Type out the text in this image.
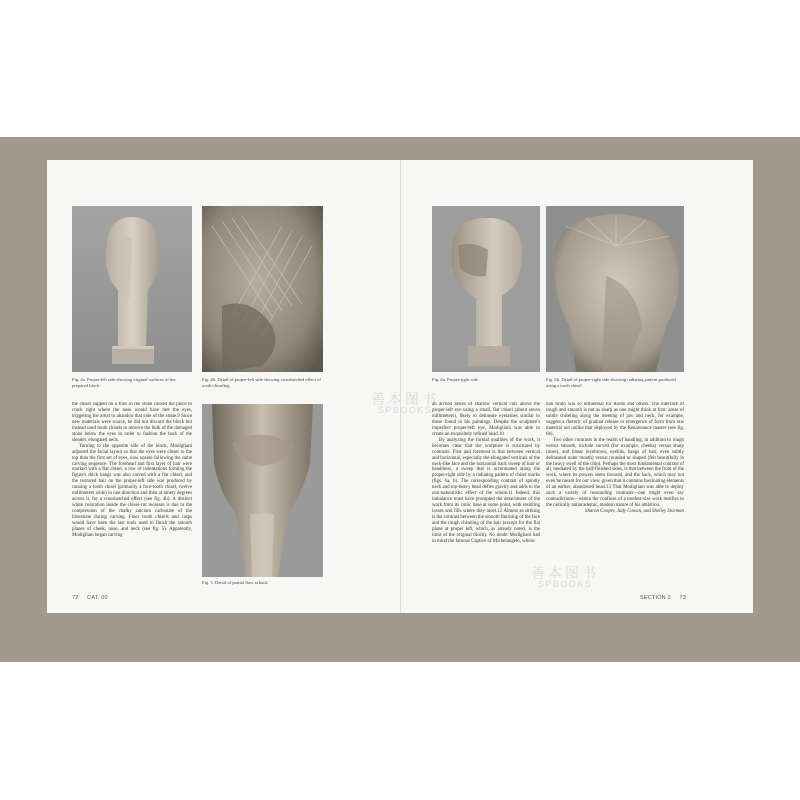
Fig. 4a. Proper-left side showing original surfaces of the prepared block
Fig. 4b. Detail of proper-left side showing crosshatched effect of tooth-chiseling
Fig. 5. Detail of partial flaw at back
Fig. 6a. Proper-right side	Fig. 6b. Detail of proper-right side showing radiating pattern produced using a tooth chisel

the chisel slipped on a flaw in the stone caused the piece to crack right where the nose would have met the eyes, triggering the artist to abandon that side of the stone.9 Since new materials were scarce, he did not discard the block but instead used tooth chisels to remove the bulk of the damaged stone below the eyes in order to fashion the back of the slender, elongated neck.

Turning to the opposite side of the block, Modigliani adjusted the facial layout so that the eyes were closer to the top than the first set of eyes, now upside following the same carving sequence. The forehead and first layer of hair were marked with a flat chisel, a row of indentations forming the figure's thick bangs was also carved with a flat chisel, and the textured hair on the proper-left side was produced by running a tooth chisel (primarily a four-tooth chisel, twelve millimeters wide) in one direction and then at ninety degrees across it, for a crosshatched effect (see fig. 4b). A distinct white coloration inside the chisel-cut recesses is due to the compression of the chalky calcium carbonate of the limestone during carving. Finer tooth chisels and rasps would have been the last tools used to finish the smooth planes of cheek, nose, and neck (see fig. 5). Apparently, Modigliani began carving

an arched series of shallow vertical cuts above the proper-left eye using a small, flat chisel (about seven millimeters), likely to delineate eyelashes similar to those found in his paintings. Despite the sculpture's imperfect proper-left eye, Modigliani was able to create an exquisitely refined head.10

By analyzing the formal qualities of the work, it becomes clear that the sculpture is structured by contrasts. First and foremost is that between vertical and horizontal, especially the elongated verticals of the neck-like face and the horizontal back sweep of hair or headdress, a sweep that is accentuated along the proper-right side by a radiating pattern of chisel marks (figs. 6a, b). The corresponding contrast of spindly neck and top-heavy head defies gravity and adds to the non-naturalistic effect of the whole.11 Indeed, this imbalance must have prompted the detachment of the work from its cubic base at some point, with resulting losses and fills where they meet.12 Almost as striking is the contrast between the smooth finishing of the face and the rough chiseling of the hair (except for the flat plane at proper left, which, as already noted, is the limit of the original block). No doubt Modigliani had in mind the famous Captive of Michelangelo, whose

non finito was so influential for Rodin and others. The interface of rough and smooth is not as sharp as one might think at first: areas of subtle chiseling along the meeting of jaw and neck, for example, suggest a rhetoric of gradual release or emergence of form from raw material not unlike that deployed by the Renaissance master (see fig. 6b).

Two other contrasts in the realm of handling, in addition to rough versus smooth, include curved (for example, cheeks) versus sharp (nose), and linear (eyebrows, eyelids, bangs of hair, even subtly delineated outer mouth) versus rounded or shaped (felt beautifully in the heavy swell of the chin). Perhaps the most fundamental contrast of all, mediated by the half-finished sides, is that between the front of the work, where its powers seem focused, and the back, which may not even be meant for our view, given that it contains fascinating elements of an earlier, abandoned head.13 That Modigliani was able to deploy such a variety of resounding contrasts—one might even say contradictions—within the confines of a modest-size work testifies to the radically antiacademic, modern nature of his ambition.

Sharon Cooper, Judy Cowan, and Shelley Sturman

72 CAT. 00	SECTION 2 73
善本图书
SPBOOKS
善本图书
SPBOOKS
